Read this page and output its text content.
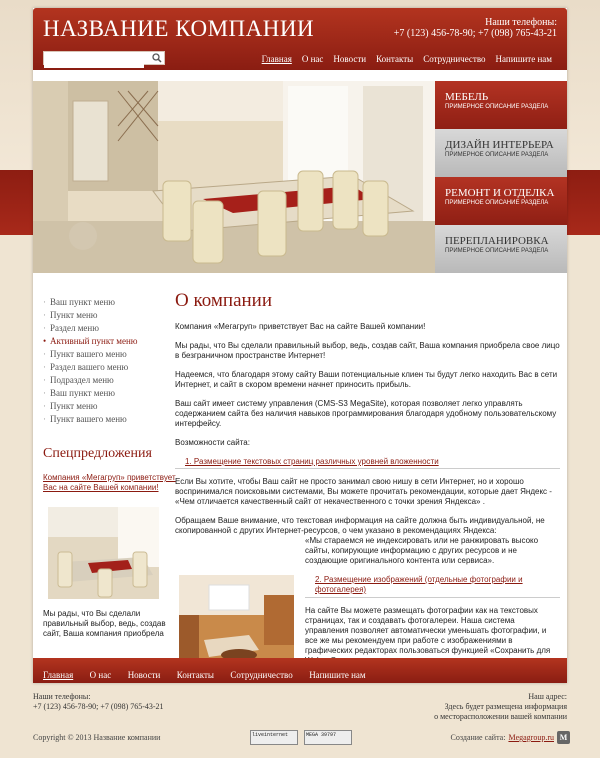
НАЗВАНИЕ КОМПАНИИ	Наши телефоны:
+7 (123) 456-78-90; +7 (098) 765-43-21
Главная	О нас	Новости	Контакты	Сотрудничество	Напишите нам
МЕБЕЛЬ
ПРИМЕРНОЕ ОПИСАНИЕ РАЗДЕЛА
ДИЗАЙН ИНТЕРЬЕРА
ПРИМЕРНОЕ ОПИСАНИЕ РАЗДЕЛА
РЕМОНТ И ОТДЕЛКА
ПРИМЕРНОЕ ОПИСАНИЕ РАЗДЕЛА
ПЕРЕПЛАНИРОВКА
ПРИМЕРНОЕ ОПИСАНИЕ РАЗДЕЛА
· Ваш пункт меню
· Пункт меню
· Раздел меню
• Активный пункт меню
· Пункт вашего меню
· Раздел вашего меню
· Подраздел меню
· Ваш пункт меню
· Пункт меню
· Пункт вашего меню
Спецпредложения
Компания «Мегагруп» приветствует Вас на сайте Вашей компании!
Мы рады, что Вы сделали правильный выбор, ведь, создав сайт, Ваша компания приобрела
О компании

Компания «Мегагруп» приветствует Вас на сайте Вашей компании!

Мы рады, что Вы сделали правильный выбор, ведь, создав сайт, Ваша компания приобрела свое лицо в безграничном пространстве Интернет!

Надеемся, что благодаря этому сайту Ваши потенциальные клиен ты будут легко находить Вас в сети Интернет, и сайт в скором времени начнет приносить прибыль.

Ваш сайт имеет систему управления (CMS-S3 MegaSite), которая позволяет легко управлять содержанием сайта без наличия навыков программирования благодаря удобному пользовательскому интерфейсу.

Возможности сайта:

1. Размещение текстовых страниц различных уровней вложенности

Если Вы хотите, чтобы Ваш сайт не просто занимал свою нишу в сети Интернет, но и хорошо воспринимался поисковыми системами, Вы можете прочитать рекомендации, которые дает Яндекс - «Чем отличается качественный сайт от некачественного с точки зрения Яндекса» .

Обращаем Ваше внимание, что текстовая информация на сайте должна быть индивидуальной, не скопированной с других Интернет-ресурсов, о чем указано в рекомендациях Яндекса:

«Мы стараемся не индексировать или не ранжировать высоко сайты, копирующие информацию с других ресурсов и не создающие оригинального контента или сервиса».
2. Размещение изображений (отдельные фотографии и фотогалерея)

На сайте Вы можете размещать фотографии как на текстовых страницах, так и создавать фотогалереи. Наша система управления позволяет автоматически уменьшать фотографии, и все же мы рекомендуем при работе с изображениями в графических редакторах пользоваться функцией «Сохранить для

Главная О нас Новости Контакты Сотрудничество Напишите нам
Наши телефоны:
+7 (123) 456-78-90; +7 (098) 765-43-21
Наш адрес:
Здесь будет размещена информация
о месторасположении вашей компании
Copyright © 2013 Название компании	liveinternet	MEGA 39797	Создание сайта: Megagroup.ru M
